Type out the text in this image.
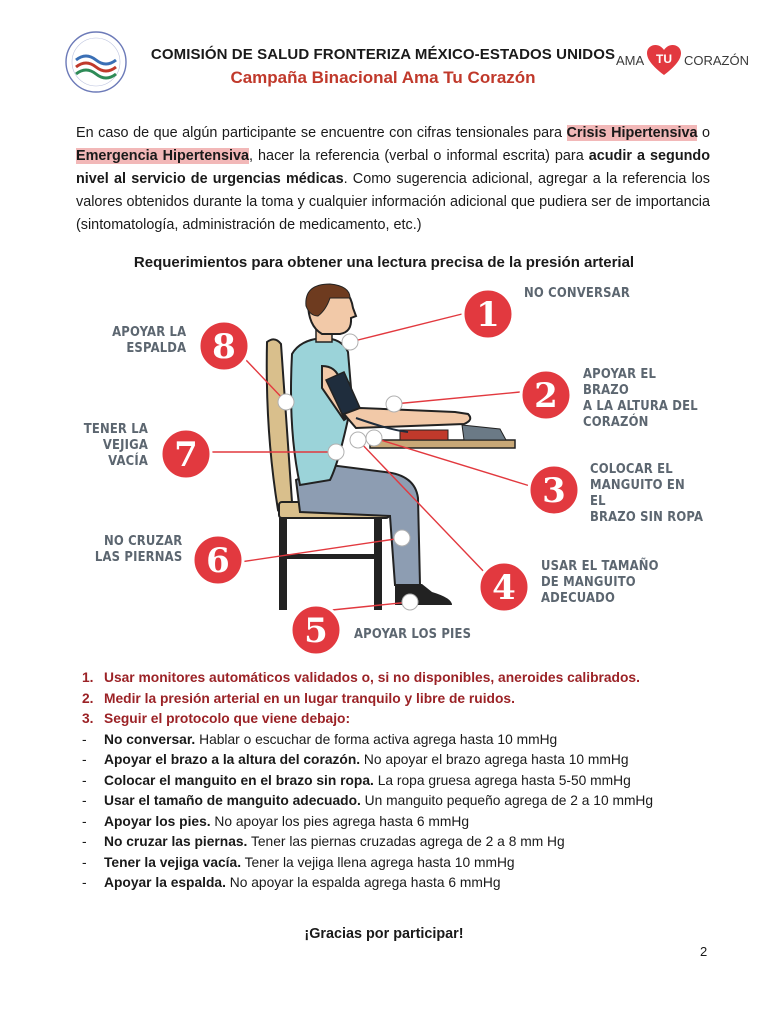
COMISIÓN DE SALUD FRONTERIZA MÉXICO-ESTADOS UNIDOS
Campaña Binacional Ama Tu Corazón
AMA TU CORAZÓN

En caso de que algún participante se encuentre con cifras tensionales para Crisis Hipertensiva o Emergencia Hipertensiva, hacer la referencia (verbal o informal escrita) para acudir a segundo nivel al servicio de urgencias médicas. Como sugerencia adicional, agregar a la referencia los valores obtenidos durante la toma y cualquier información adicional que pudiera ser de importancia (sintomatología, administración de medicamento, etc.)

Requerimientos para obtener una lectura precisa de la presión arterial
1
2
3
4
5
6
7
8
NO CONVERSAR
APOYAR EL BRAZO
A LA ALTURA DEL
CORAZÓN
COLOCAR EL
MANGUITO EN EL
BRAZO SIN ROPA
USAR EL TAMAÑO
DE MANGUITO
ADECUADO
APOYAR LOS PIES
NO CRUZAR
LAS PIERNAS
TENER LA
VEJIGA VACÍA
APOYAR LA
ESPALDA
1. Usar monitores automáticos validados o, si no disponibles, aneroides calibrados.
2. Medir la presión arterial en un lugar tranquilo y libre de ruidos.
3. Seguir el protocolo que viene debajo:
-	No conversar. Hablar o escuchar de forma activa agrega hasta 10 mmHg
-	Apoyar el brazo a la altura del corazón. No apoyar el brazo agrega hasta 10 mmHg
-	Colocar el manguito en el brazo sin ropa. La ropa gruesa agrega hasta 5-50 mmHg
-	Usar el tamaño de manguito adecuado. Un manguito pequeño agrega de 2 a 10 mmHg
-	Apoyar los pies. No apoyar los pies agrega hasta 6 mmHg
-	No cruzar las piernas. Tener las piernas cruzadas agrega de 2 a 8 mm Hg
-	Tener la vejiga vacía. Tener la vejiga llena agrega hasta 10 mmHg
-	Apoyar la espalda. No apoyar la espalda agrega hasta 6 mmHg
¡Gracias por participar!
2
